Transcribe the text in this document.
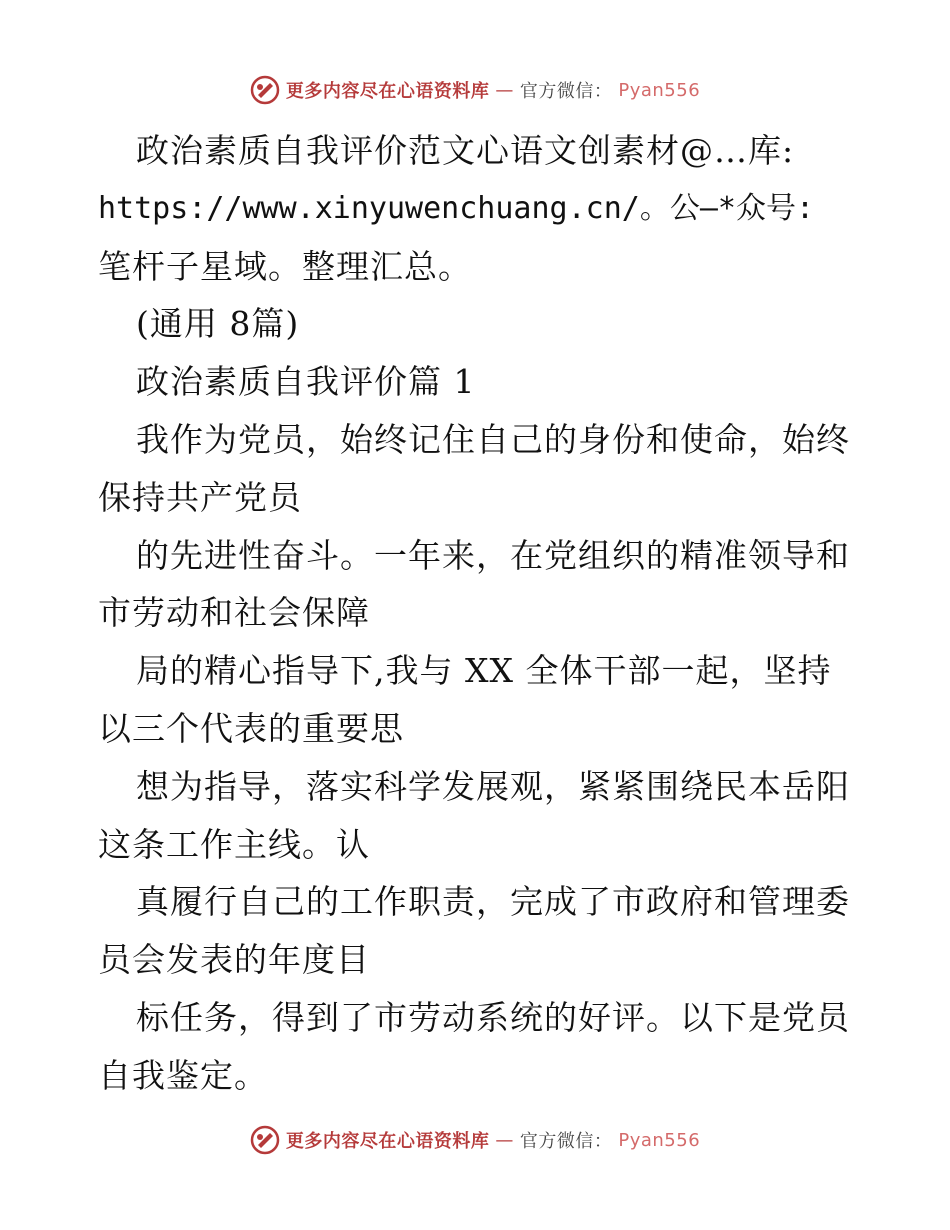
更多内容尽在心语资料库 — 官方微信： Pyan556
政治素质自我评价范文心语文创素材@…库:
https://www.xinyuwenchuang.cn/。公—*众号:
笔杆子星域。整理汇总。
(通用 8篇)
政治素质自我评价篇 1
我作为党员，始终记住自己的身份和使命，始终
保持共产党员
的先进性奋斗。一年来，在党组织的精准领导和
市劳动和社会保障
局的精心指导下,我与 XX 全体干部一起，坚持
以三个代表的重要思
想为指导，落实科学发展观，紧紧围绕民本岳阳
这条工作主线。认
真履行自己的工作职责，完成了市政府和管理委
员会发表的年度目
标任务，得到了市劳动系统的好评。以下是党员
自我鉴定。
更多内容尽在心语资料库 — 官方微信： Pyan556
